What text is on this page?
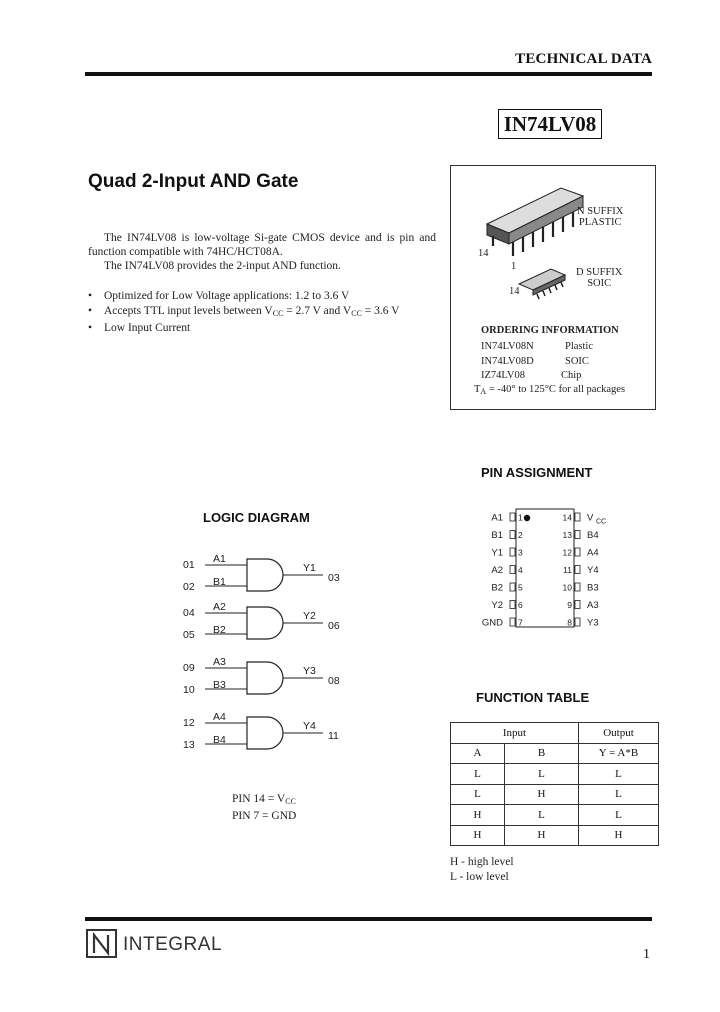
TECHNICAL DATA
IN74LV08
Quad 2-Input AND Gate

The IN74LV08 is low-voltage Si-gate CMOS device and is pin and function compatible with 74HC/HCT08A.

The IN74LV08 provides the 2-input AND function.

• Optimized for Low Voltage applications: 1.2 to 3.6 V
• Accepts TTL input levels between $V_{CC} = 2.7$ V and $V_{CC} = 3.6$ V
• Low Input Current
N SUFFIX
PLASTIC
14
1
D SUFFIX
SOIC
14
ORDERING INFORMATION
IN74LV08N	Plastic
IN74LV08D	SOIC
IZ74LV08	Chip
$T_A = -40^\circ$ to 125°C for all packages
PIN ASSIGNMENT
A1 1
B1 2
Y1 3
A2 4
B2 5
Y2 6
GND 7
14 V CC
13 B4
12 A4
11 Y4
10 B3
9 A3
8 Y3
LOGIC DIAGRAM
01
02
A1
B1
Y1
03
04
05
A2
B2
Y2
06
09
10
A3
B3
Y3
08
12
13
A4
B4
Y4
11
PIN $14 = V_{CC}$
PIN 7 = GND
FUNCTION TABLE
Input		Output
A	B	Y = A*B
L	L	L
L	H	L
H	L	L
H	H	H
H - high level
L - low level
INTEGRAL	1
